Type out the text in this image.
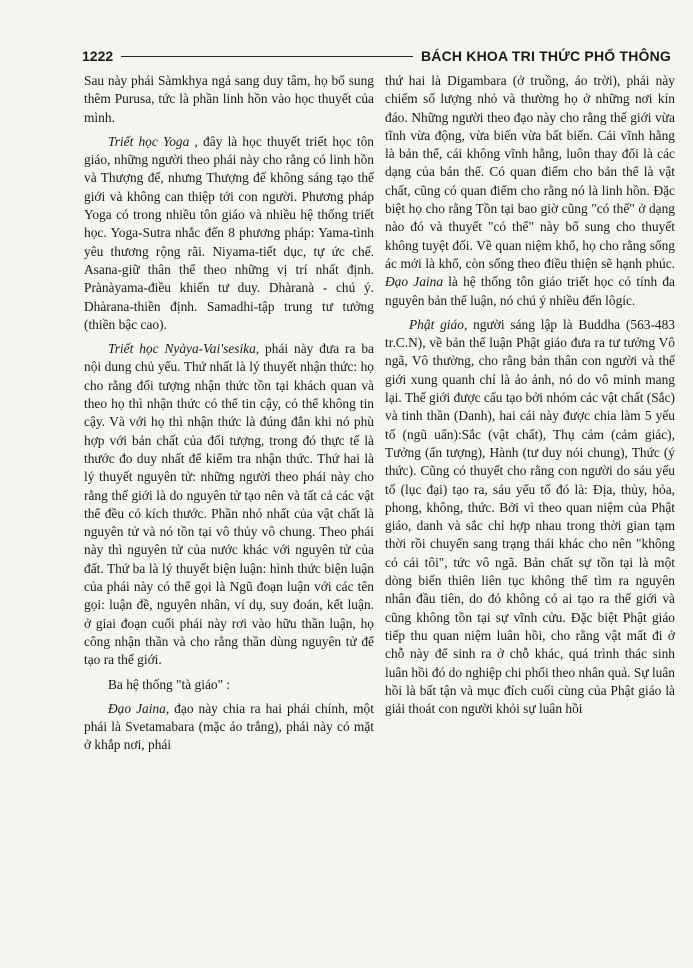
1222	BÁCH KHOA TRI THỨC PHỔ THÔNG

Sau này phái Sàmkhya ngả sang duy tâm, họ bổ sung thêm Purusa, tức là phần linh hồn vào học thuyết của mình.

Triết học Yoga , đây là học thuyết triết học tôn giáo, những người theo phái này cho rằng có linh hồn và Thượng đế, nhưng Thượng đế không sáng tạo thế giới và không can thiệp tới con người. Phương pháp Yoga có trong nhiều tôn giáo và nhiều hệ thống triết học. Yoga-Sutra nhắc đến 8 phương pháp: Yama-tình yêu thương rộng rãi. Niyama-tiết dục, tự ức chế. Asana-giữ thân thể theo những vị trí nhất định. Prànàyama-điều khiển tư duy. Dhàranà - chú ý. Dhàrana-thiền định. Samadhi-tập trung tư tưởng (thiền bậc cao).

Triết học Nyàya-Vai'sesika, phái này đưa ra ba nội dung chủ yếu. Thứ nhất là lý thuyết nhận thức: họ cho rằng đối tượng nhận thức tồn tại khách quan và theo họ thì nhận thức có thể tin cậy, có thể không tin cậy. Và với họ thì nhận thức là đúng đắn khi nó phù hợp với bản chất của đối tượng, trong đó thực tế là thước đo duy nhất để kiểm tra nhận thức. Thứ hai là lý thuyết nguyên tử: những người theo phái này cho rằng thế giới là do nguyên tử tạo nên và tất cả các vật thể đều có kích thước. Phần nhỏ nhất của vật chất là nguyên tử và nó tồn tại vô thủy vô chung. Theo phái này thì nguyên tử của nước khác với nguyên tử của đất. Thứ ba là lý thuyết biện luận: hình thức biện luận của phái này có thể gọi là Ngũ đoạn luận với các tên gọi: luận đề, nguyên nhân, ví dụ, suy đoán, kết luận. ở giai đoạn cuối phái này rơi vào hữu thần luận, họ công nhận thần và cho rằng thần dùng nguyên tử để tạo ra thế giới.

Ba hệ thống "tà giáo" :

Đạo Jaina, đạo này chia ra hai phái chính, một phái là Svetamabara (mặc áo trắng), phái này có mặt ở khắp nơi, phái

thứ hai là Digambara (ở truồng, áo trời), phái này chiếm số lượng nhỏ và thường họ ở những nơi kín đáo. Những người theo đạo này cho rằng thế giới vừa tĩnh vừa động, vừa biến vừa bất biến. Cái vĩnh hằng là bản thể, cái không vĩnh hằng, luôn thay đổi là các dạng của bản thể. Có quan điểm cho bản thể là vật chất, cũng có quan điểm cho rằng nó là linh hồn. Đặc biệt họ cho rằng Tồn tại bao giờ cũng "có thể" ở dạng nào đó và thuyết "có thể" này bổ sung cho thuyết không tuyệt đối. Về quan niệm khổ, họ cho rằng sống ác mới là khổ, còn sống theo điều thiện sẽ hạnh phúc. Đạo Jaina là hệ thống tôn giáo triết học có tính đa nguyên bản thể luận, nó chú ý nhiều đến lôgíc.

Phật giáo, người sáng lập là Buddha (563-483 tr.C.N), về bản thể luận Phật giáo đưa ra tư tưởng Vô ngã, Vô thường, cho rằng bản thân con người và thế giới xung quanh chỉ là ảo ảnh, nó do vô minh mang lại. Thế giới được cấu tạo bởi nhóm các vật chất (Sắc) và tinh thần (Danh), hai cái này được chia làm 5 yếu tố (ngũ uẩn):Sắc (vật chất), Thụ cảm (cảm giác), Tưởng (ấn tượng), Hành (tư duy nói chung), Thức (ý thức). Cũng có thuyết cho rằng con người do sáu yếu tố (lục đại) tạo ra, sáu yếu tố đó là: Địa, thủy, hỏa, phong, không, thức. Bởi vì theo quan niệm của Phật giáo, danh và sắc chỉ hợp nhau trong thời gian tạm thời rồi chuyển sang trạng thái khác cho nên "không có cái tôi", tức vô ngã. Bản chất sự tồn tại là một dòng biến thiên liên tục không thể tìm ra nguyên nhân đầu tiên, do đó không có ai tạo ra thế giới và cũng không tồn tại sự vĩnh cửu. Đặc biệt Phật giáo tiếp thu quan niệm luân hồi, cho rằng vật mất đi ở chỗ này để sinh ra ở chỗ khác, quá trình thác sinh luân hồi đó do nghiệp chi phối theo nhân quả. Sự luân hồi là bất tận và mục đích cuối cùng của Phật giáo là giải thoát con người khỏi sự luân hồi
